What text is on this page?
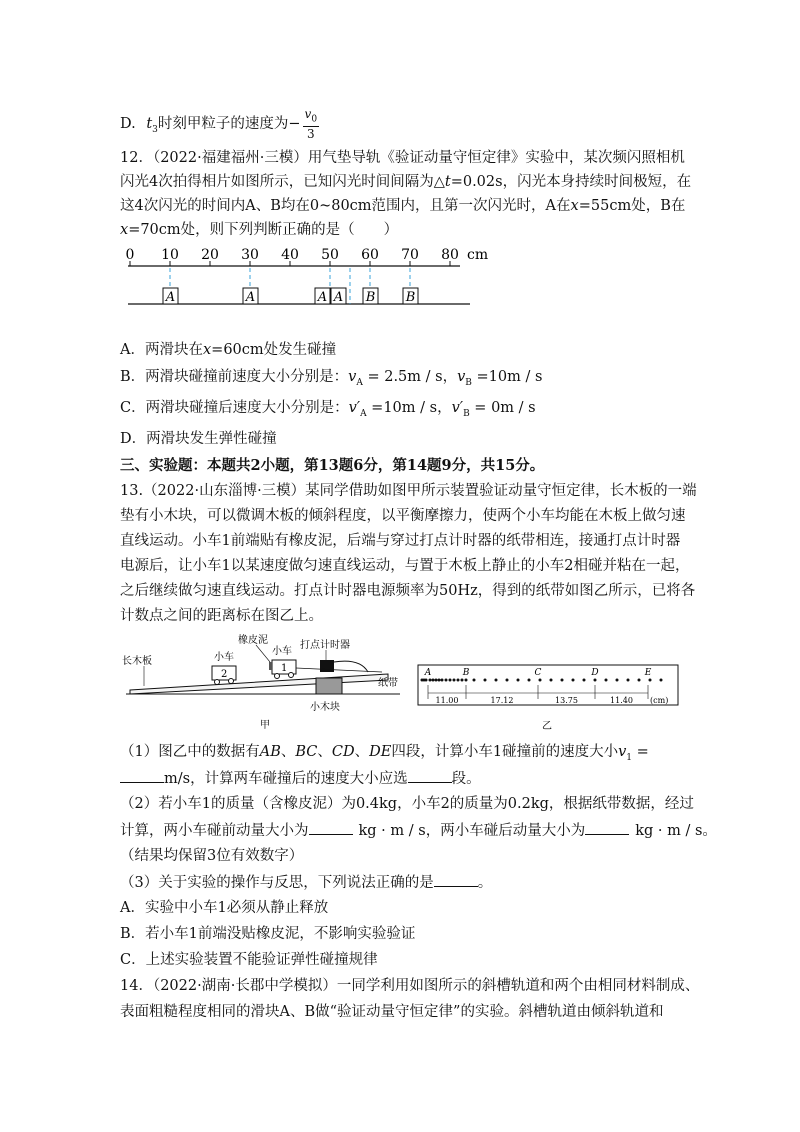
D. $t_3$时刻甲粒子的速度为− $\frac{v_0}{3}$
12．（2022·福建福州·三模）用气垫导轨《验证动量守恒定律》实验中，某次频闪照相机
闪光4次拍得相片如图所示，已知闪光时间间隔为△t=0.02s，闪光本身持续时间极短，在
这4次闪光的时间内A、B均在0~80cm范围内，且第一次闪光时，A在x=55cm处，B在
x=70cm处，则下列判断正确的是（　　）
0 10 20 30 40 50 60 70 80 cm
A	A	A A B B
A．两滑块在x=60cm处发生碰撞
B．两滑块碰撞前速度大小分别是：$v_A = 2.5m / s$，$v_B =10m / s$
C．两滑块碰撞后速度大小分别是：$v'_A =10m / s$，$v'_B = 0m / s$
D．两滑块发生弹性碰撞
三、实验题：本题共2小题，第13题6分，第14题9分，共15分。
13.（2022·山东淄博·三模）某同学借助如图甲所示装置验证动量守恒定律，长木板的一端
垫有小木块，可以微调木板的倾斜程度，以平衡摩擦力，使两个小车均能在木板上做匀速
直线运动。小车1前端贴有橡皮泥，后端与穿过打点计时器的纸带相连，接通打点计时器
电源后，让小车1以某速度做匀速直线运动，与置于木板上静止的小车2相碰并粘在一起，
之后继续做匀速直线运动。打点计时器电源频率为50Hz，得到的纸带如图乙所示，已将各
计数点之间的距离标在图乙上。
2
1
长木板
橡皮泥
小车
小车
打点计时器
纸带
小木块
甲
A	B	C	D	E
11.00	17.12	13.75	11.40 (cm)
乙
（1）图乙中的数据有AB、BC、CD、DE四段，计算小车1碰撞前的速度大小$v_1$ =
m/s，计算两车碰撞后的速度大小应选	段。
（2）若小车1的质量（含橡皮泥）为0.4kg，小车2的质量为0.2kg，根据纸带数据，经过
计算，两小车碰前动量大小为	kg · m / s，两小车碰后动量大小为	kg · m / s。
（结果均保留3位有效数字）
（3）关于实验的操作与反思，下列说法正确的是	。
A．实验中小车1必须从静止释放
B．若小车1前端没贴橡皮泥，不影响实验验证
C．上述实验装置不能验证弹性碰撞规律
14．（2022·湖南·长郡中学模拟）一同学利用如图所示的斜槽轨道和两个由相同材料制成、
表面粗糙程度相同的滑块A、B做“验证动量守恒定律”的实验。斜槽轨道由倾斜轨道和
